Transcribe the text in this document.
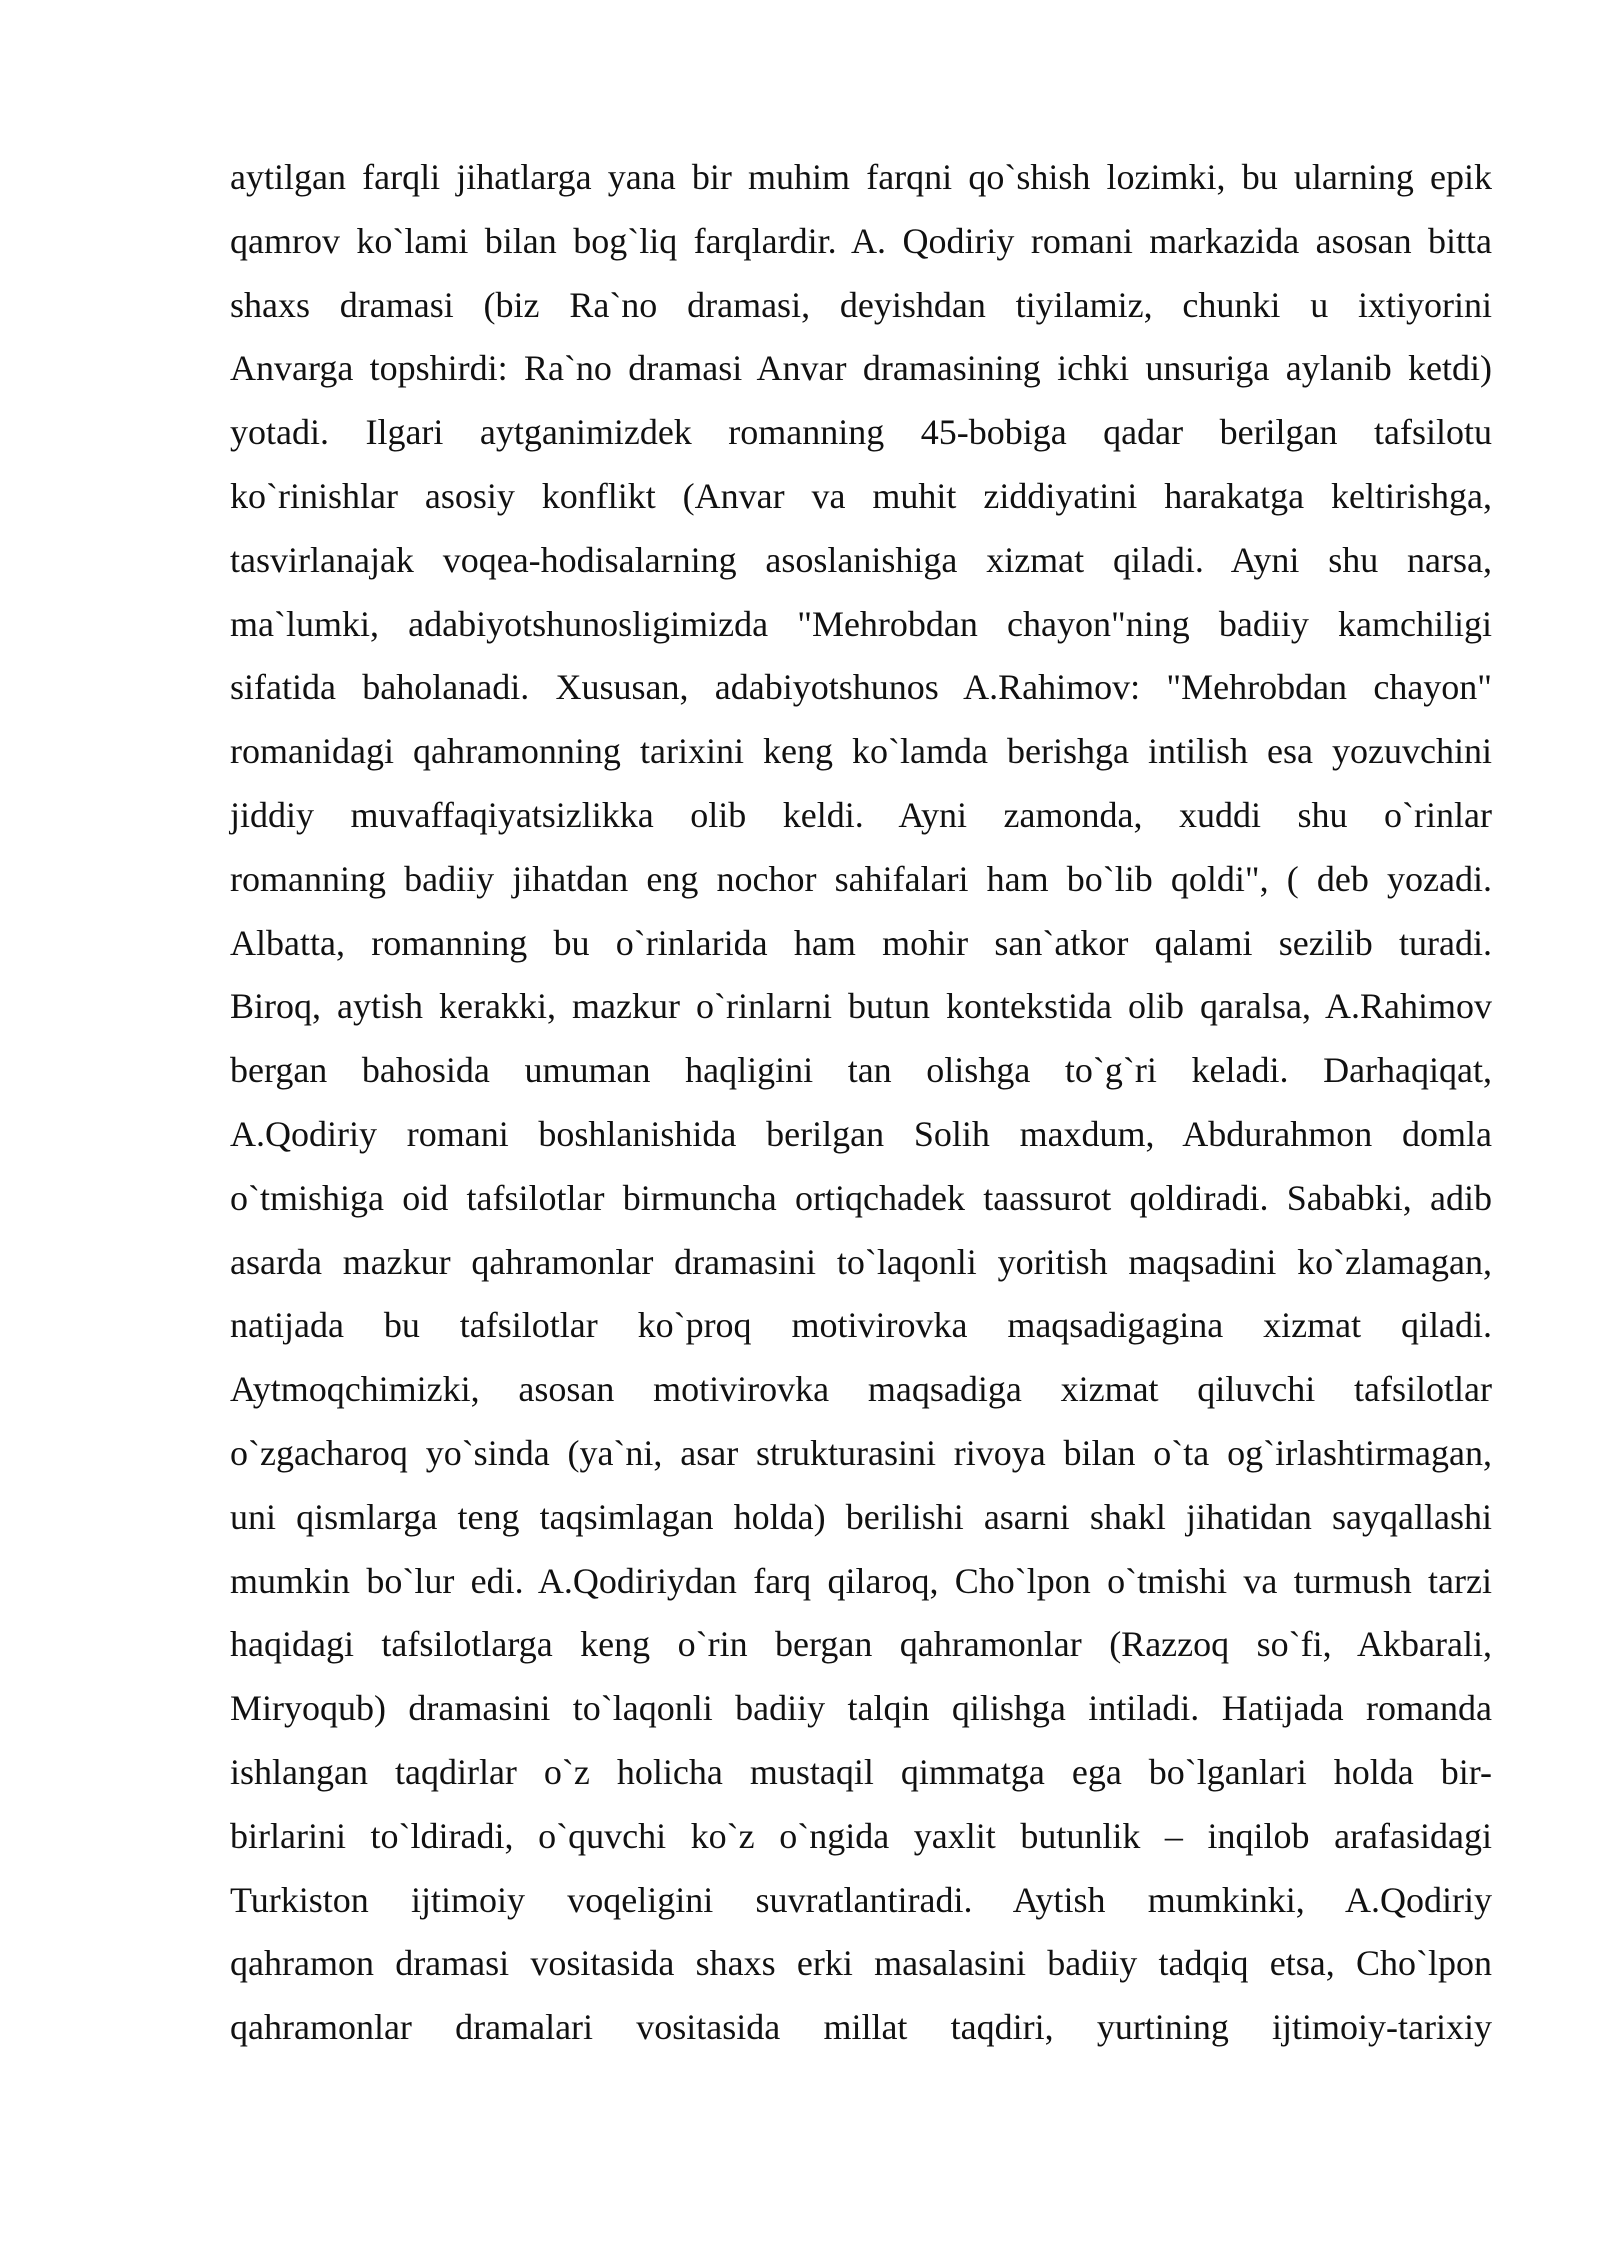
aytilgan farqli jihatlarga yana bir muhim farqni qo`shish lozimki, bu ularning epik
qamrov ko`lami bilan bog`liq farqlardir. A. Qodiriy romani markazida asosan bitta
shaxs dramasi (biz Ra`no dramasi, deyishdan tiyilamiz, chunki u ixtiyorini
Anvarga topshirdi: Ra`no dramasi Anvar dramasining ichki unsuriga aylanib ketdi)
yotadi. Ilgari aytganimizdek romanning 45-bobiga qadar berilgan tafsilotu
ko`rinishlar asosiy konflikt (Anvar va muhit ziddiyatini harakatga keltirishga,
tasvirlanajak voqea-hodisalarning asoslanishiga xizmat qiladi. Ayni shu narsa,
ma`lumki, adabiyotshunosligimizda "Mehrobdan chayon"ning badiiy kamchiligi
sifatida baholanadi. Xususan, adabiyotshunos A.Rahimov: "Mehrobdan chayon"
romanidagi qahramonning tarixini keng ko`lamda berishga intilish esa yozuvchini
jiddiy muvaffaqiyatsizlikka olib keldi. Ayni zamonda, xuddi shu o`rinlar
romanning badiiy jihatdan eng nochor sahifalari ham bo`lib qoldi", ( deb yozadi.
Albatta, romanning bu o`rinlarida ham mohir san`atkor qalami sezilib turadi.
Biroq, aytish kerakki, mazkur o`rinlarni butun kontekstida olib qaralsa, A.Rahimov
bergan bahosida umuman haqligini tan olishga to`g`ri keladi. Darhaqiqat,
A.Qodiriy romani boshlanishida berilgan Solih maxdum, Abdurahmon domla
o`tmishiga oid tafsilotlar birmuncha ortiqchadek taassurot qoldiradi. Sababki, adib
asarda mazkur qahramonlar dramasini to`laqonli yoritish maqsadini ko`zlamagan,
natijada bu tafsilotlar ko`proq motivirovka maqsadigagina xizmat qiladi.
Aytmoqchimizki, asosan motivirovka maqsadiga xizmat qiluvchi tafsilotlar
o`zgacharoq yo`sinda (ya`ni, asar strukturasini rivoya bilan o`ta og`irlashtirmagan,
uni qismlarga teng taqsimlagan holda) berilishi asarni shakl jihatidan sayqallashi
mumkin bo`lur edi. A.Qodiriydan farq qilaroq, Cho`lpon o`tmishi va turmush tarzi
haqidagi tafsilotlarga keng o`rin bergan qahramonlar (Razzoq so`fi, Akbarali,
Miryoqub) dramasini to`laqonli badiiy talqin qilishga intiladi. Hatijada romanda
ishlangan taqdirlar o`z holicha mustaqil qimmatga ega bo`lganlari holda bir-
birlarini to`ldiradi, o`quvchi ko`z o`ngida yaxlit butunlik – inqilob arafasidagi
Turkiston ijtimoiy voqeligini suvratlantiradi. Aytish mumkinki, A.Qodiriy
qahramon dramasi vositasida shaxs erki masalasini badiiy tadqiq etsa, Cho`lpon
qahramonlar dramalari vositasida millat taqdiri, yurtining ijtimoiy-tarixiy
